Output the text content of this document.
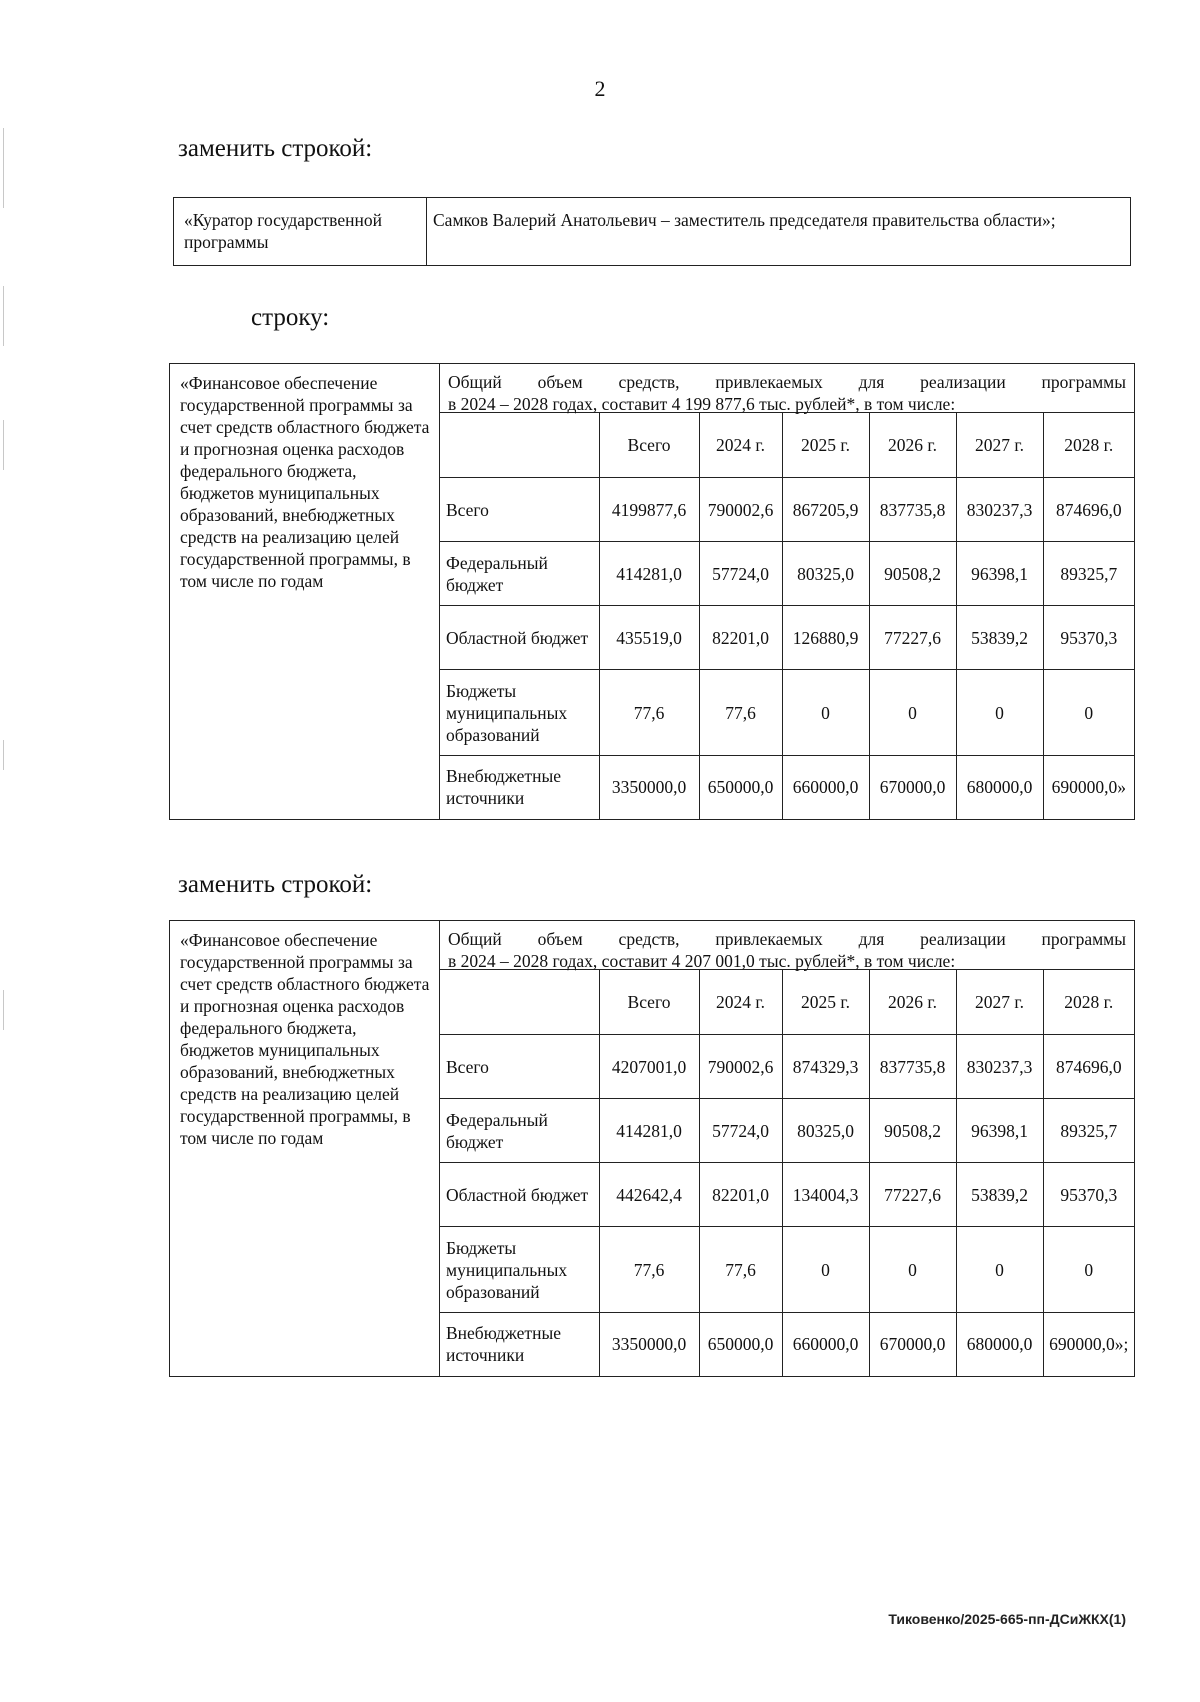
2
заменить строкой:
«Куратор государственной программы	Самков Валерий Анатольевич – заместитель председателя правительства области»;
строку:
«Финансовое обеспечение государственной программы за счет средств областного бюджета и прогнозная оценка расходов федерального бюджета, бюджетов муниципальных образований, внебюджетных средств на реализацию целей государственной программы, в том числе по годам	
Общий объем средств, привлекаемых для реализации программы
в 2024 – 2028 годах, составит 4 199 877,6 тыс. рублей*, в том числе:
	Всего	2024 г.	2025 г.	2026 г.	2027 г.	2028 г.
Всего	4199877,6	790002,6	867205,9	837735,8	830237,3	874696,0
Федеральный бюджет	414281,0	57724,0	80325,0	90508,2	96398,1	89325,7
Областной бюджет	435519,0	82201,0	126880,9	77227,6	53839,2	95370,3
Бюджеты муниципальных образований	77,6	77,6	0	0	0	0
Внебюджетные источники	3350000,0	650000,0	660000,0	670000,0	680000,0	690000,0»
заменить строкой:
«Финансовое обеспечение государственной программы за счет средств областного бюджета и прогнозная оценка расходов федерального бюджета, бюджетов муниципальных образований, внебюджетных средств на реализацию целей государственной программы, в том числе по годам	
Общий объем средств, привлекаемых для реализации программы
в 2024 – 2028 годах, составит 4 207 001,0 тыс. рублей*, в том числе:
	Всего	2024 г.	2025 г.	2026 г.	2027 г.	2028 г.
Всего	4207001,0	790002,6	874329,3	837735,8	830237,3	874696,0
Федеральный бюджет	414281,0	57724,0	80325,0	90508,2	96398,1	89325,7
Областной бюджет	442642,4	82201,0	134004,3	77227,6	53839,2	95370,3
Бюджеты муниципальных образований	77,6	77,6	0	0	0	0
Внебюджетные источники	3350000,0	650000,0	660000,0	670000,0	680000,0	690000,0»;
Тиковенко/2025-665-пп-ДСиЖКХ(1)
